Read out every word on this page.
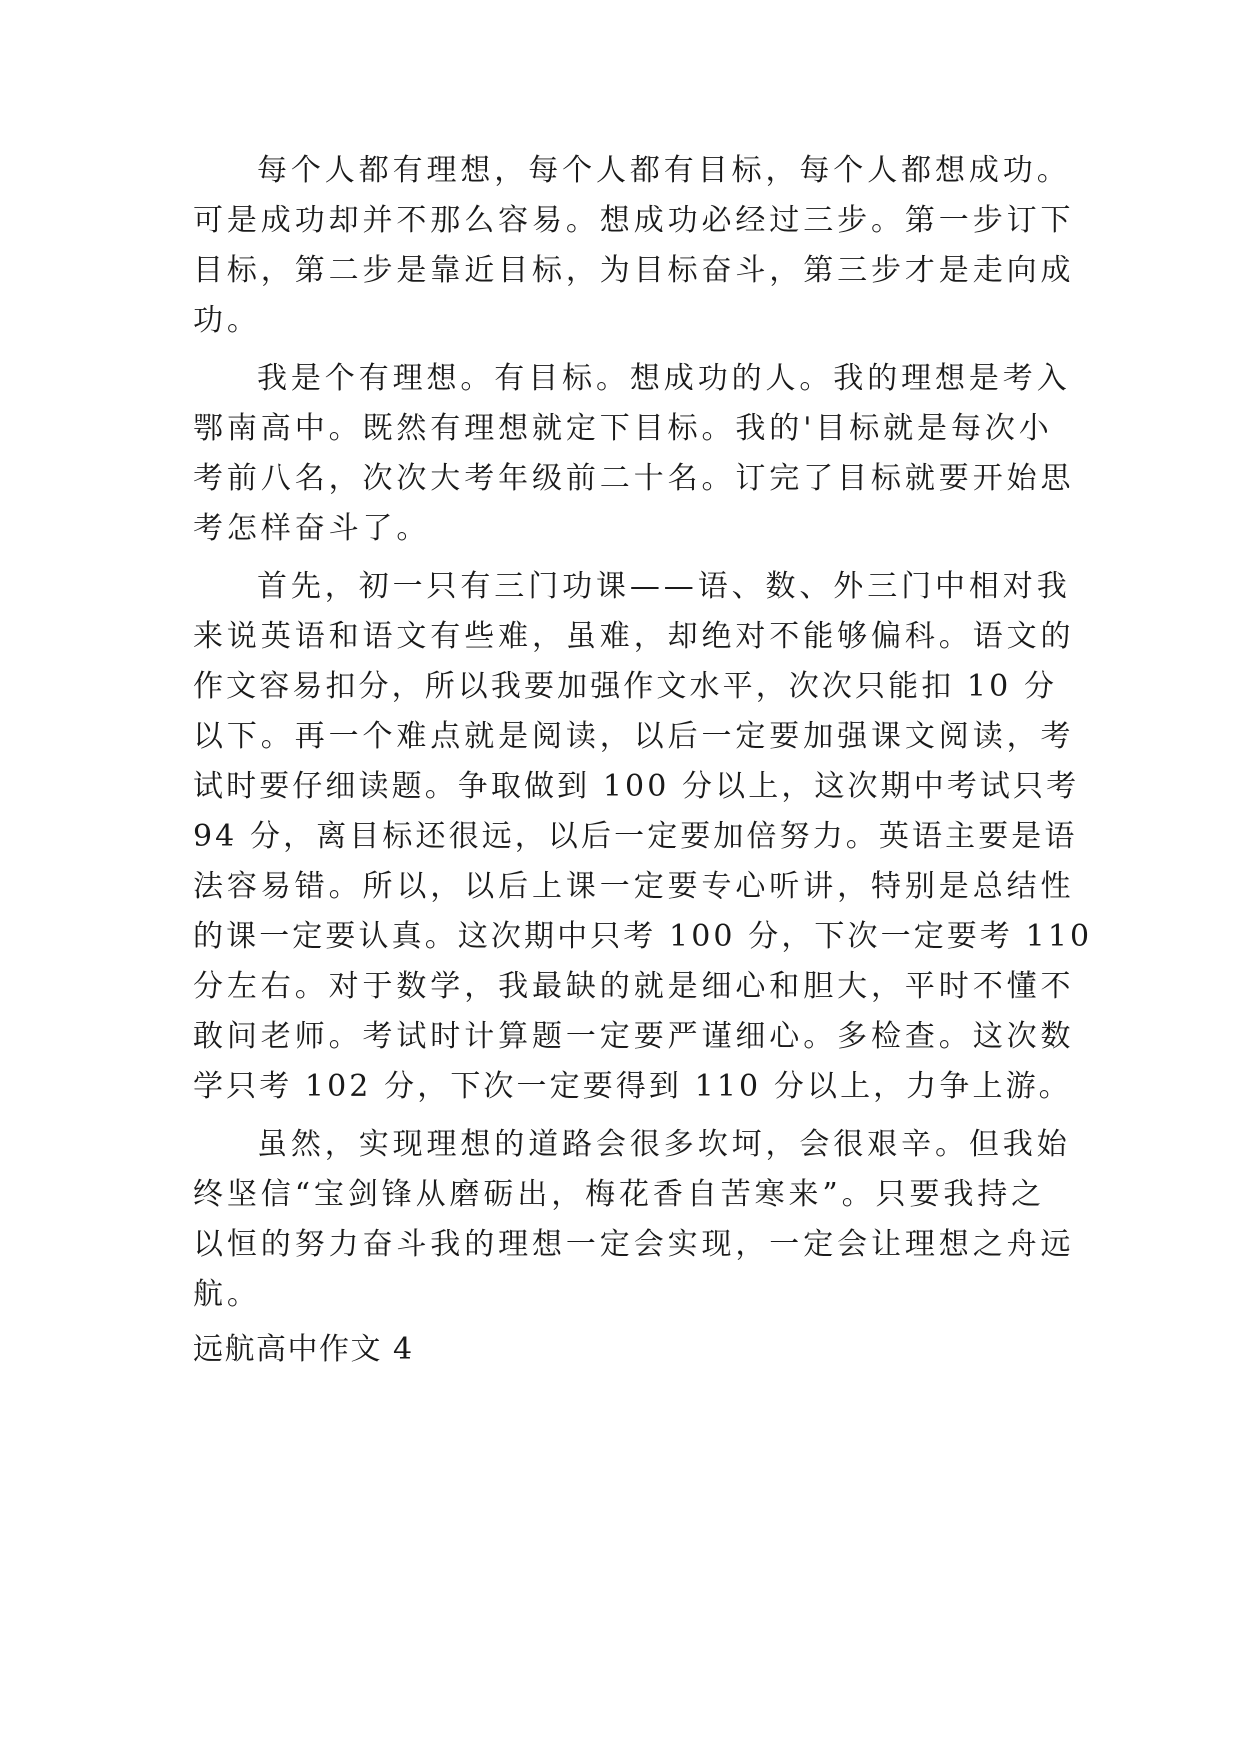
每个人都有理想，每个人都有目标，每个人都想成功。
可是成功却并不那么容易。想成功必经过三步。第一步订下
目标，第二步是靠近目标，为目标奋斗，第三步才是走向成
功。
我是个有理想。有目标。想成功的人。我的理想是考入
鄂南高中。既然有理想就定下目标。我的'目标就是每次小
考前八名，次次大考年级前二十名。订完了目标就要开始思
考怎样奋斗了。
首先，初一只有三门功课——语、数、外三门中相对我
来说英语和语文有些难，虽难，却绝对不能够偏科。语文的
作文容易扣分，所以我要加强作文水平，次次只能扣 10 分
以下。再一个难点就是阅读，以后一定要加强课文阅读，考
试时要仔细读题。争取做到 100 分以上，这次期中考试只考
94 分，离目标还很远，以后一定要加倍努力。英语主要是语
法容易错。所以，以后上课一定要专心听讲，特别是总结性
的课一定要认真。这次期中只考 100 分，下次一定要考 110
分左右。对于数学，我最缺的就是细心和胆大，平时不懂不
敢问老师。考试时计算题一定要严谨细心。多检查。这次数
学只考 102 分，下次一定要得到 110 分以上，力争上游。
虽然，实现理想的道路会很多坎坷，会很艰辛。但我始
终坚信“宝剑锋从磨砺出，梅花香自苦寒来”。只要我持之
以恒的努力奋斗我的理想一定会实现，一定会让理想之舟远
航。
远航高中作文 4
